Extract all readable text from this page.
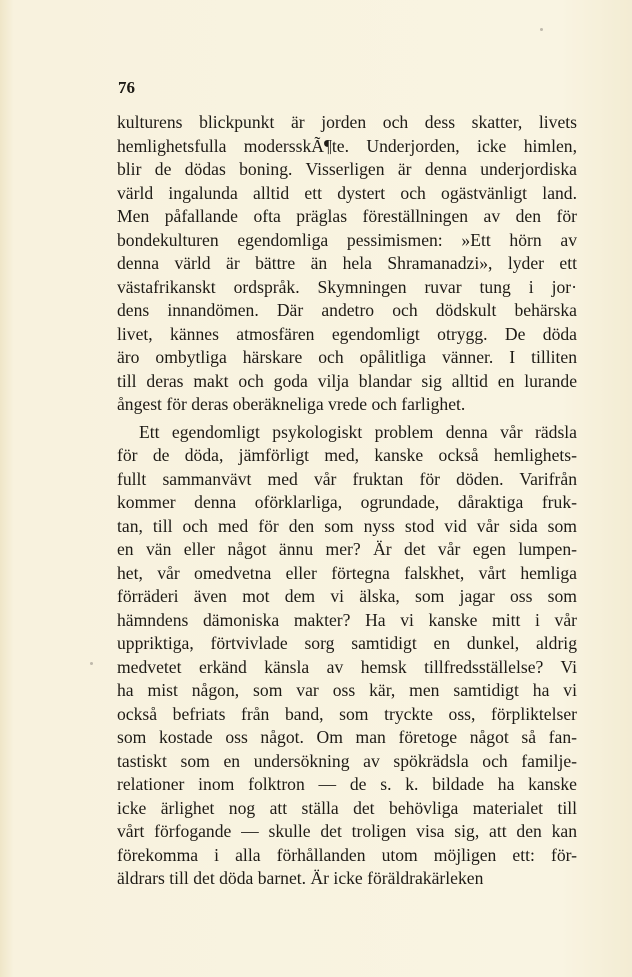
76
kulturens blickpunkt är jorden och dess skatter, livets
hemlighetsfulla modersskÃ¶te. Underjorden, icke himlen,
blir de dödas boning. Visserligen är denna underjordiska
värld ingalunda alltid ett dystert och ogästvänligt land.
Men påfallande ofta präglas föreställningen av den för
bondekulturen egendomliga pessimismen: »Ett hörn av
denna värld är bättre än hela Shramanadzi», lyder ett
västafrikanskt ordspråk. Skymningen ruvar tung i jor·
dens innandömen. Där andetro och dödskult behärska
livet, kännes atmosfären egendomligt otrygg. De döda
äro ombytliga härskare och opålitliga vänner. I tilliten
till deras makt och goda vilja blandar sig alltid en lurande
ångest för deras oberäkneliga vrede och farlighet.
Ett egendomligt psykologiskt problem denna vår rädsla
för de döda, jämförligt med, kanske också hemlighets-
fullt sammanvävt med vår fruktan för döden. Varifrån
kommer denna oförklarliga, ogrundade, dåraktiga fruk-
tan, till och med för den som nyss stod vid vår sida som
en vän eller något ännu mer? Är det vår egen lumpen-
het, vår omedvetna eller förtegna falskhet, vårt hemliga
förräderi även mot dem vi älska, som jagar oss som
hämndens dämoniska makter? Ha vi kanske mitt i vår
uppriktiga, förtvivlade sorg samtidigt en dunkel, aldrig
medvetet erkänd känsla av hemsk tillfredsställelse? Vi
ha mist någon, som var oss kär, men samtidigt ha vi
också befriats från band, som tryckte oss, förpliktelser
som kostade oss något. Om man företoge något så fan-
tastiskt som en undersökning av spökrädsla och familje-
relationer inom folktron — de s. k. bildade ha kanske
icke ärlighet nog att ställa det behövliga materialet till
vårt förfogande — skulle det troligen visa sig, att den kan
förekomma i alla förhållanden utom möjligen ett: för-
äldrars till det döda barnet. Är icke föräldrakärleken
